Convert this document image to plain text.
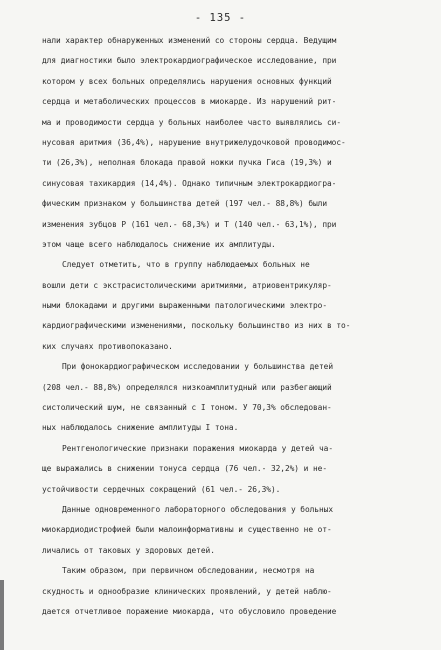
- 135 -
нали характер обнаруженных изменений со стороны сердца. Ведущим
для диагностики было электрокардиографическое исследование, при
котором у всех больных определялись нарушения основных функций
сердца и метаболических процессов в миокарде. Из нарушений рит-
ма и проводимости сердца у больных наиболее часто выявлялись си-
нусовая аритмия (36,4%), нарушение внутрижелудочковой проводимос-
ти (26,3%), неполная блокада правой ножки пучка Гиса (19,3%) и
синусовая тахикардия (14,4%). Однако типичным электрокардиогра-
фическим признаком у большинства детей (197 чел.- 88,8%) были
изменения зубцов Р (161 чел.- 68,3%) и Т (140 чел.- 63,1%), при
этом чаще всего наблюдалось снижение их амплитуды.
Следует отметить, что в группу наблюдаемых больных не
вошли дети с экстрасистолическими аритмиями, атриовентрикуляр-
ными блокадами и другими выраженными патологическими электро-
кардиографическими изменениями, поскольку большинство из них в то-
ких случаях противопоказано.
При фонокардиографическом исследовании у большинства детей
(208 чел.- 88,8%) определялся низкоамплитудный или разбегающий
систолический шум, не связанный с I тоном. У 70,3% обследован-
ных наблюдалось снижение амплитуды I тона.
Рентгенологические признаки поражения миокарда у детей ча-
ще выражались в снижении тонуса сердца (76 чел.- 32,2%) и не-
устойчивости сердечных сокращений (61 чел.- 26,3%).
Данные одновременного лабораторного обследования у больных
миокардиодистрофией были малоинформативны и существенно не от-
личались от таковых у здоровых детей.
Таким образом, при первичном обследовании, несмотря на
скудность и однообразие клинических проявлений, у детей наблю-
дается отчетливое поражение миокарда, что обусловило проведение
